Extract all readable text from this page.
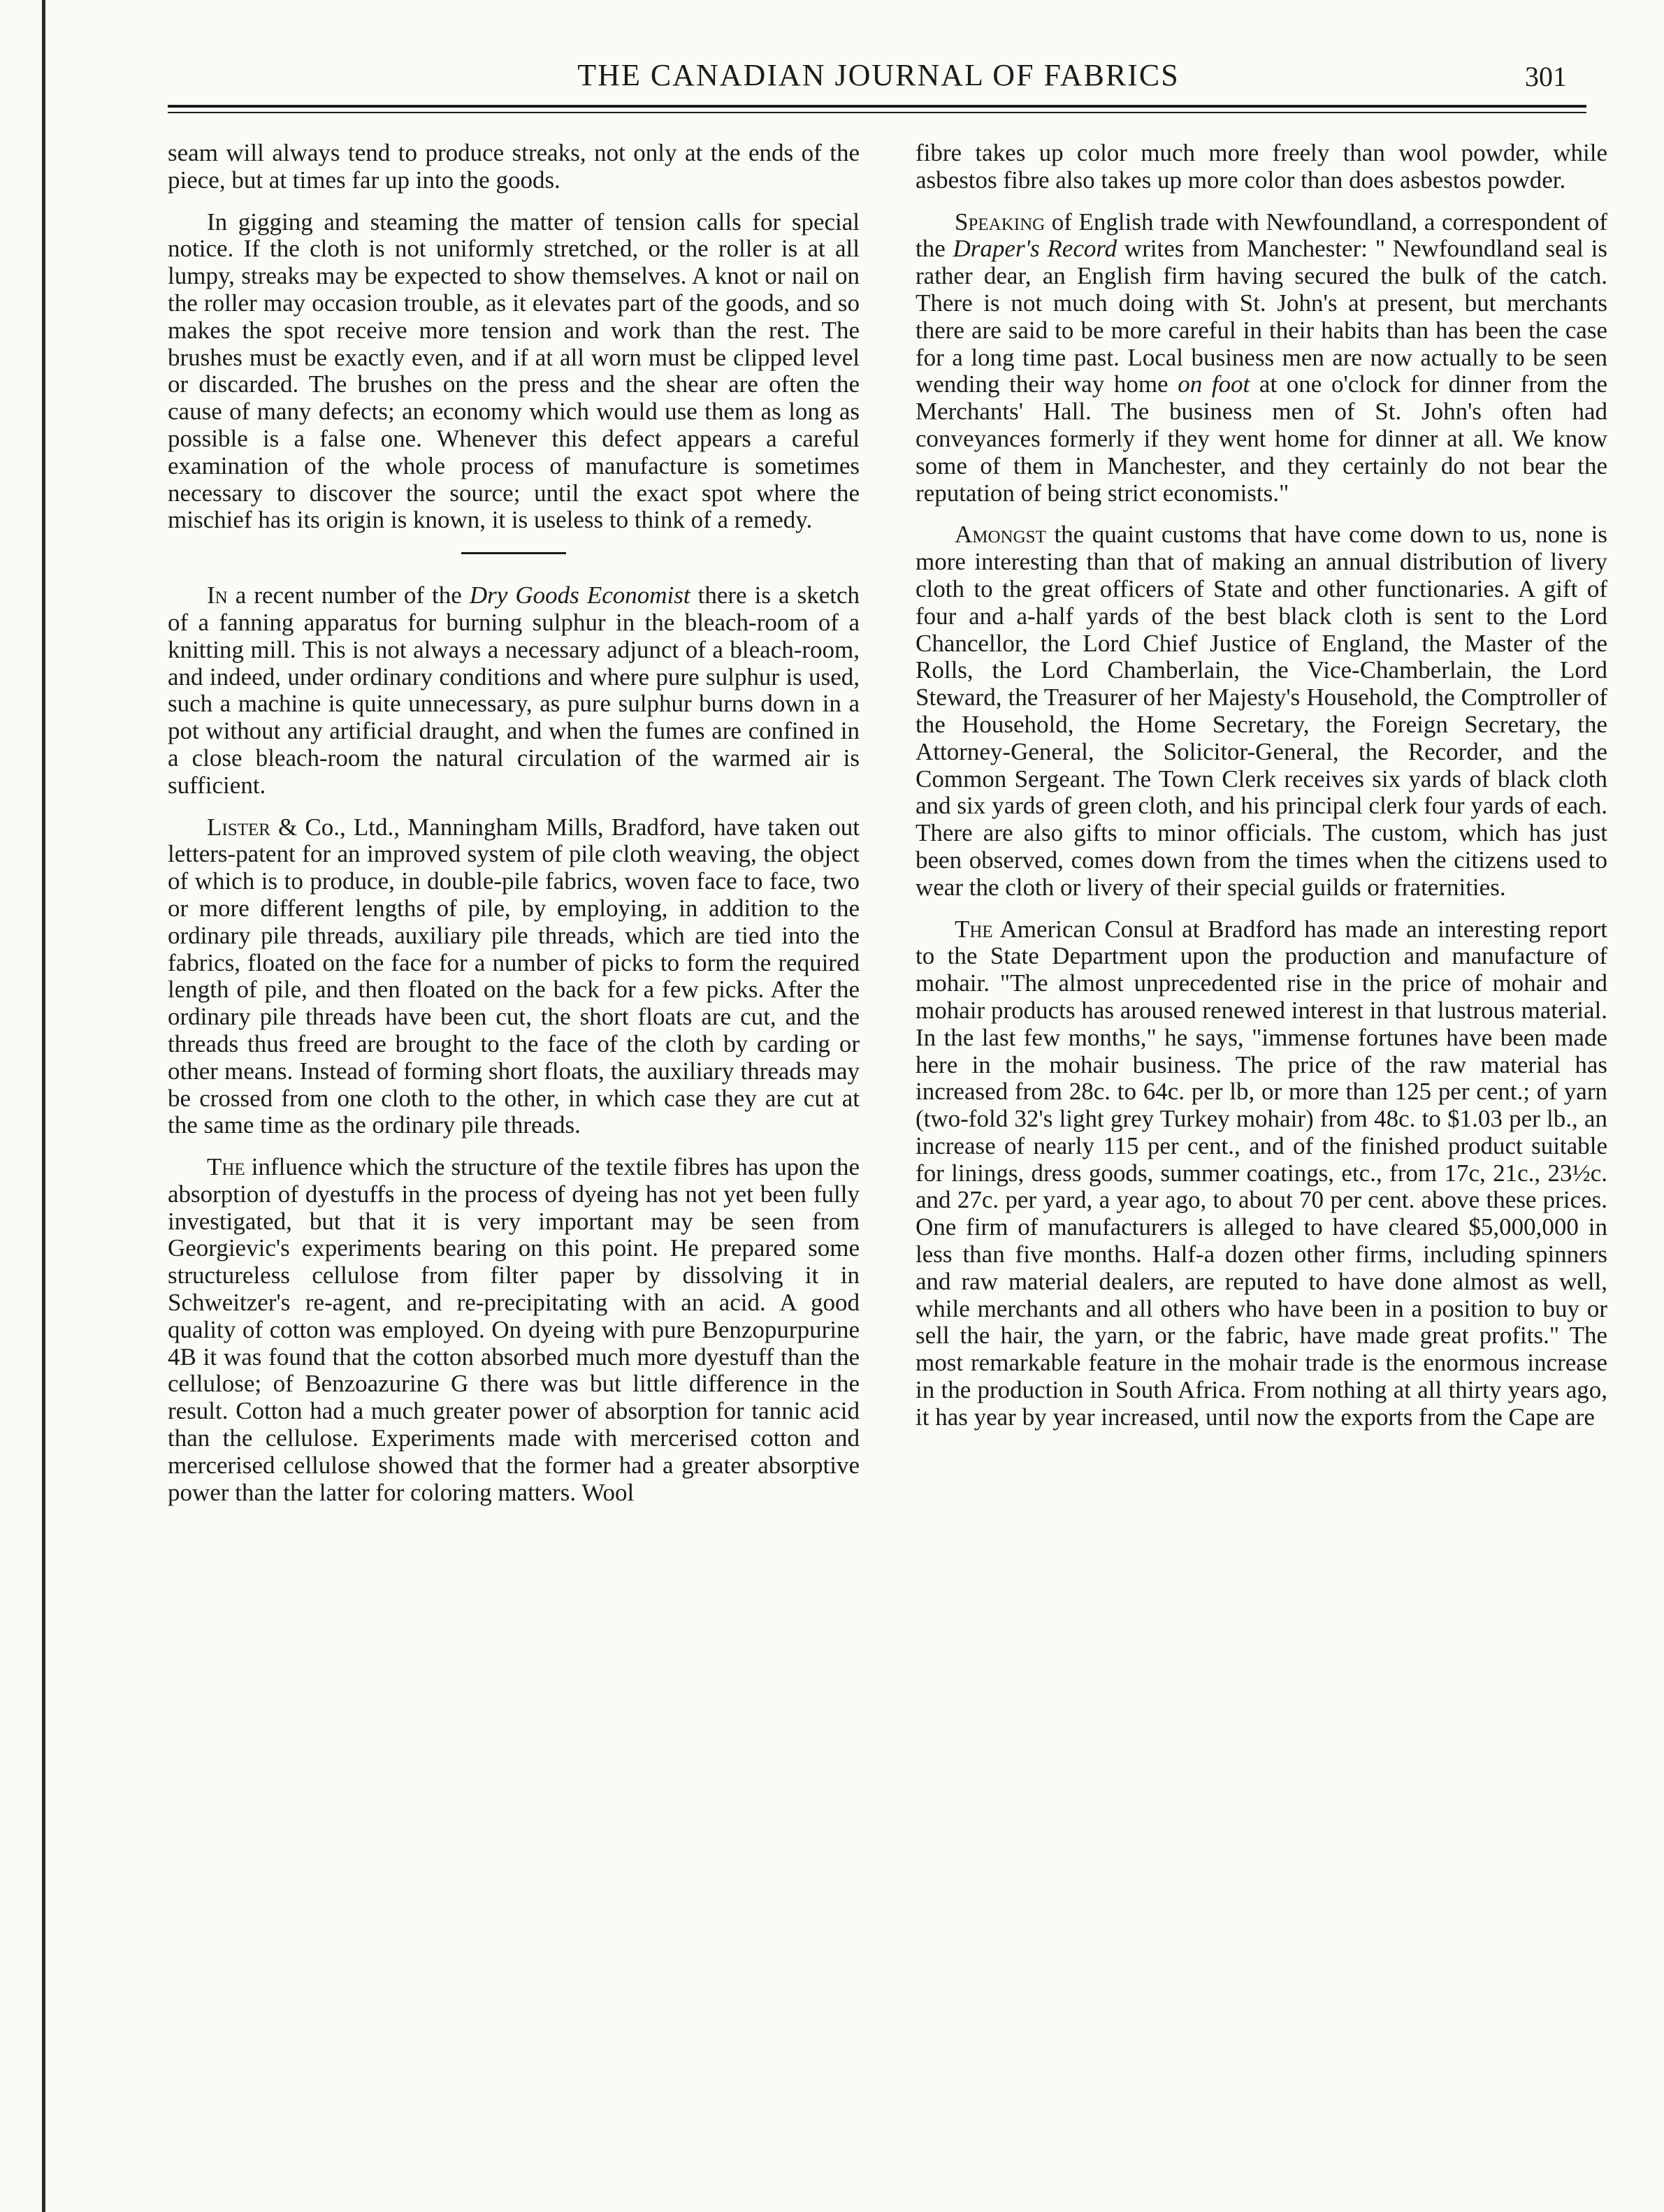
THE CANADIAN JOURNAL OF FABRICS	301

seam will always tend to produce streaks, not only at the ends of the piece, but at times far up into the goods.

In gigging and steaming the matter of tension calls for special notice. If the cloth is not uniformly stretched, or the roller is at all lumpy, streaks may be expected to show themselves. A knot or nail on the roller may occasion trouble, as it elevates part of the goods, and so makes the spot receive more tension and work than the rest. The brushes must be exactly even, and if at all worn must be clipped level or discarded. The brushes on the press and the shear are often the cause of many defects; an economy which would use them as long as possible is a false one. Whenever this defect appears a careful examination of the whole process of manufacture is sometimes necessary to discover the source; until the exact spot where the mischief has its origin is known, it is useless to think of a remedy.

In a recent number of the Dry Goods Economist there is a sketch of a fanning apparatus for burning sulphur in the bleach-room of a knitting mill. This is not always a necessary adjunct of a bleach-room, and indeed, under ordinary conditions and where pure sulphur is used, such a machine is quite unnecessary, as pure sulphur burns down in a pot without any artificial draught, and when the fumes are confined in a close bleach-room the natural circulation of the warmed air is sufficient.

Lister & Co., Ltd., Manningham Mills, Bradford, have taken out letters-patent for an improved system of pile cloth weaving, the object of which is to produce, in double-pile fabrics, woven face to face, two or more different lengths of pile, by employing, in addition to the ordinary pile threads, auxiliary pile threads, which are tied into the fabrics, floated on the face for a number of picks to form the required length of pile, and then floated on the back for a few picks. After the ordinary pile threads have been cut, the short floats are cut, and the threads thus freed are brought to the face of the cloth by carding or other means. Instead of forming short floats, the auxiliary threads may be crossed from one cloth to the other, in which case they are cut at the same time as the ordinary pile threads.

The influence which the structure of the textile fibres has upon the absorption of dyestuffs in the process of dyeing has not yet been fully investigated, but that it is very important may be seen from Georgievic's experiments bearing on this point. He prepared some structureless cellulose from filter paper by dissolving it in Schweitzer's re-agent, and re-precipitating with an acid. A good quality of cotton was employed. On dyeing with pure Benzopurpurine 4B it was found that the cotton absorbed much more dyestuff than the cellulose; of Benzoazurine G there was but little difference in the result. Cotton had a much greater power of absorption for tannic acid than the cellulose. Experiments made with mercerised cotton and mercerised cellulose showed that the former had a greater absorptive power than the latter for coloring matters. Wool

fibre takes up color much more freely than wool powder, while asbestos fibre also takes up more color than does asbestos powder.

Speaking of English trade with Newfoundland, a correspondent of the Draper's Record writes from Manchester: " Newfoundland seal is rather dear, an English firm having secured the bulk of the catch. There is not much doing with St. John's at present, but merchants there are said to be more careful in their habits than has been the case for a long time past. Local business men are now actually to be seen wending their way home on foot at one o'clock for dinner from the Merchants' Hall. The business men of St. John's often had conveyances formerly if they went home for dinner at all. We know some of them in Manchester, and they certainly do not bear the reputation of being strict economists."

Amongst the quaint customs that have come down to us, none is more interesting than that of making an annual distribution of livery cloth to the great officers of State and other functionaries. A gift of four and a-half yards of the best black cloth is sent to the Lord Chancellor, the Lord Chief Justice of England, the Master of the Rolls, the Lord Chamberlain, the Vice-Chamberlain, the Lord Steward, the Treasurer of her Majesty's Household, the Comptroller of the Household, the Home Secretary, the Foreign Secretary, the Attorney-General, the Solicitor-General, the Recorder, and the Common Sergeant. The Town Clerk receives six yards of black cloth and six yards of green cloth, and his principal clerk four yards of each. There are also gifts to minor officials. The custom, which has just been observed, comes down from the times when the citizens used to wear the cloth or livery of their special guilds or fraternities.

The American Consul at Bradford has made an interesting report to the State Department upon the production and manufacture of mohair. "The almost unprecedented rise in the price of mohair and mohair products has aroused renewed interest in that lustrous material. In the last few months," he says, "immense fortunes have been made here in the mohair business. The price of the raw material has increased from 28c. to 64c. per lb, or more than 125 per cent.; of yarn (two-fold 32's light grey Turkey mohair) from 48c. to $1.03 per lb., an increase of nearly 115 per cent., and of the finished product suitable for linings, dress goods, summer coatings, etc., from 17c, 21c., 23½c. and 27c. per yard, a year ago, to about 70 per cent. above these prices. One firm of manufacturers is alleged to have cleared $5,000,000 in less than five months. Half-a dozen other firms, including spinners and raw material dealers, are reputed to have done almost as well, while merchants and all others who have been in a position to buy or sell the hair, the yarn, or the fabric, have made great profits." The most remarkable feature in the mohair trade is the enormous increase in the production in South Africa. From nothing at all thirty years ago, it has year by year increased, until now the exports from the Cape are
